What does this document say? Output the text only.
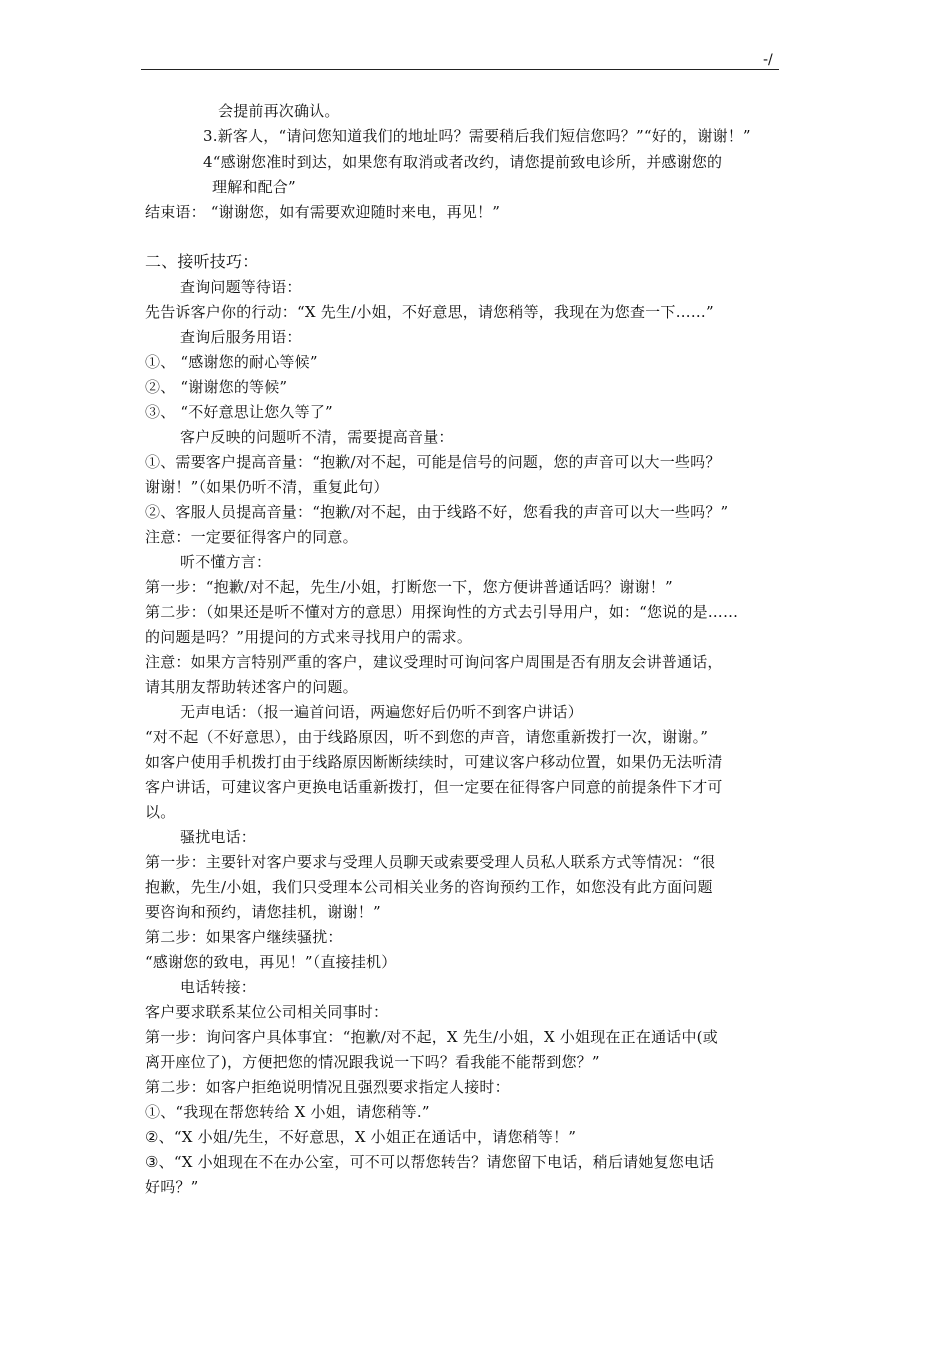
-/
会提前再次确认。
3.新客人，“请问您知道我们的地址吗？需要稍后我们短信您吗？”“好的，谢谢！”
4“感谢您准时到达，如果您有取消或者改约，请您提前致电诊所，并感谢您的
理解和配合”
结束语： “谢谢您，如有需要欢迎随时来电，再见！”
二、接听技巧：
查询问题等待语：
先告诉客户你的行动：“X 先生/小姐，不好意思，请您稍等，我现在为您查一下……”
查询后服务用语：
①、 “感谢您的耐心等候”
②、 “谢谢您的等候”
③、 “不好意思让您久等了”
客户反映的问题听不清，需要提高音量：
①、需要客户提高音量：“抱歉/对不起，可能是信号的问题，您的声音可以大一些吗？
谢谢！”（如果仍听不清，重复此句）
②、客服人员提高音量：“抱歉/对不起，由于线路不好，您看我的声音可以大一些吗？”
注意：一定要征得客户的同意。
听不懂方言：
第一步：“抱歉/对不起，先生/小姐，打断您一下，您方便讲普通话吗？谢谢！”
第二步：（如果还是听不懂对方的意思）用探询性的方式去引导用户，如：“您说的是……
的问题是吗？”用提问的方式来寻找用户的需求。
注意：如果方言特别严重的客户，建议受理时可询问客户周围是否有朋友会讲普通话，
请其朋友帮助转述客户的问题。
无声电话：（报一遍首问语，两遍您好后仍听不到客户讲话）
“对不起（不好意思），由于线路原因，听不到您的声音，请您重新拨打一次，谢谢。”
如客户使用手机拨打由于线路原因断断续续时，可建议客户移动位置，如果仍无法听清
客户讲话，可建议客户更换电话重新拨打，但一定要在征得客户同意的前提条件下才可
以。
骚扰电话：
第一步：主要针对客户要求与受理人员聊天或索要受理人员私人联系方式等情况：“很
抱歉，先生/小姐，我们只受理本公司相关业务的咨询预约工作，如您没有此方面问题
要咨询和预约，请您挂机，谢谢！”
第二步：如果客户继续骚扰：
“感谢您的致电，再见！”（直接挂机）
电话转接：
客户要求联系某位公司相关同事时：
第一步：询问客户具体事宜：“抱歉/对不起，X 先生/小姐，X 小姐现在正在通话中(或
离开座位了)，方便把您的情况跟我说一下吗？看我能不能帮到您？”
第二步：如客户拒绝说明情况且强烈要求指定人接时：
①、“我现在帮您转给 X 小姐，请您稍等.”
②、“X 小姐/先生，不好意思，X 小姐正在通话中，请您稍等！”
③、“X 小姐现在不在办公室，可不可以帮您转告？请您留下电话，稍后请她复您电话
好吗？”
